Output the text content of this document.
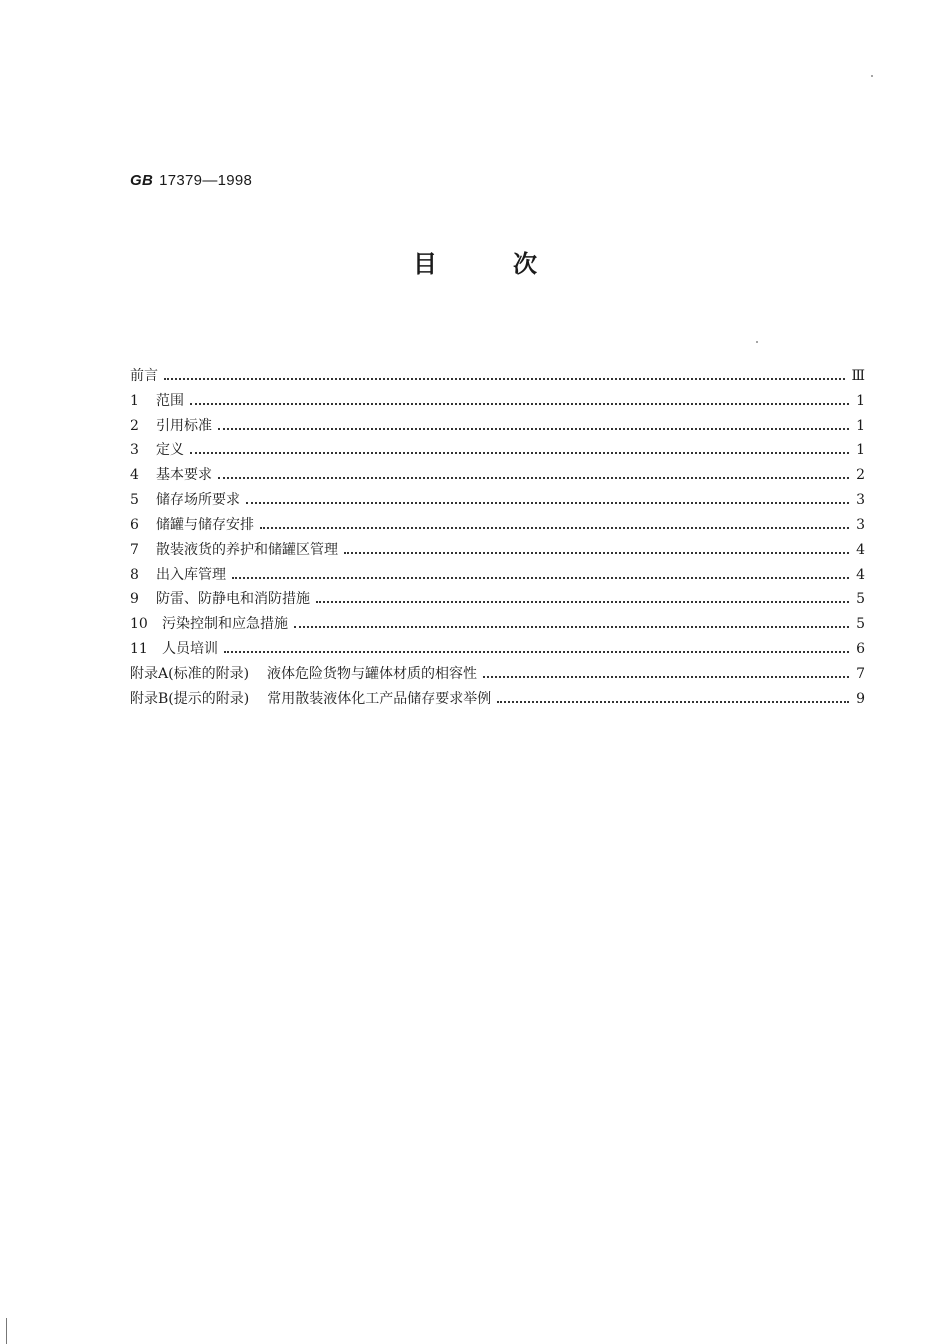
GB 17379—1998
目次
前言	Ⅲ
1 范围	1
2 引用标准	1
3 定义	1
4 基本要求	2
5 储存场所要求	3
6 储罐与储存安排	3
7 散装液货的养护和储罐区管理	4
8 出入库管理	4
9 防雷、防静电和消防措施	5
10 污染控制和应急措施	5
11 人员培训	6
附录A(标准的附录) 液体危险货物与罐体材质的相容性	7
附录B(提示的附录) 常用散装液体化工产品储存要求举例	9
